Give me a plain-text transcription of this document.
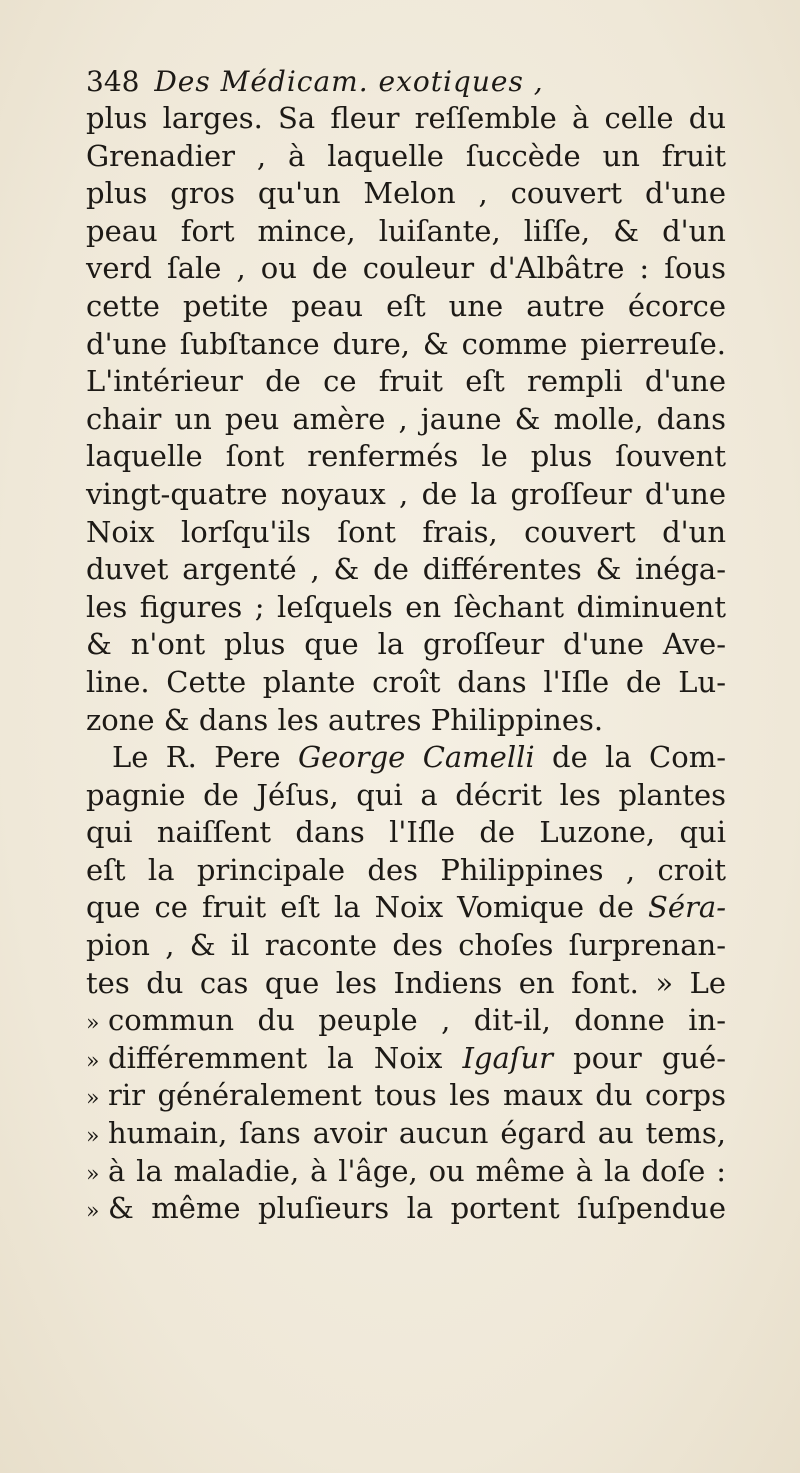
348 Des Médicam. exotiques ,
plus larges. Sa fleur reſſemble à celle du
Grenadier , à laquelle ſuccède un fruit
plus gros qu'un Melon , couvert d'une
peau fort mince, luiſante, liſſe, & d'un
verd ſale , ou de couleur d'Albâtre : ſous
cette petite peau eſt une autre écorce
d'une ſubſtance dure, & comme pierreuſe.
L'intérieur de ce fruit eſt rempli d'une
chair un peu amère , jaune & molle, dans
laquelle ſont renfermés le plus ſouvent
vingt-quatre noyaux , de la groſſeur d'une
Noix lorſqu'ils ſont frais, couvert d'un
duvet argenté , & de différentes & inéga-
les figures ; leſquels en ſèchant diminuent
& n'ont plus que la groſſeur d'une Ave-
line. Cette plante croît dans l'Iſle de Lu-
zone & dans les autres Philippines.
Le R. Pere George Camelli de la Com-
pagnie de Jéſus, qui a décrit les plantes
qui naiſſent dans l'Iſle de Luzone, qui
eſt la principale des Philippines , croit
que ce fruit eſt la Noix Vomique de Séra-
pion , & il raconte des choſes ſurprenan-
tes du cas que les Indiens en font. » Le
» commun du peuple , dit-il, donne in-
» différemment la Noix Igaſur pour gué-
» rir généralement tous les maux du corps
» humain, ſans avoir aucun égard au tems,
» à la maladie, à l'âge, ou même à la doſe :
» & même pluſieurs la portent ſuſpendue
